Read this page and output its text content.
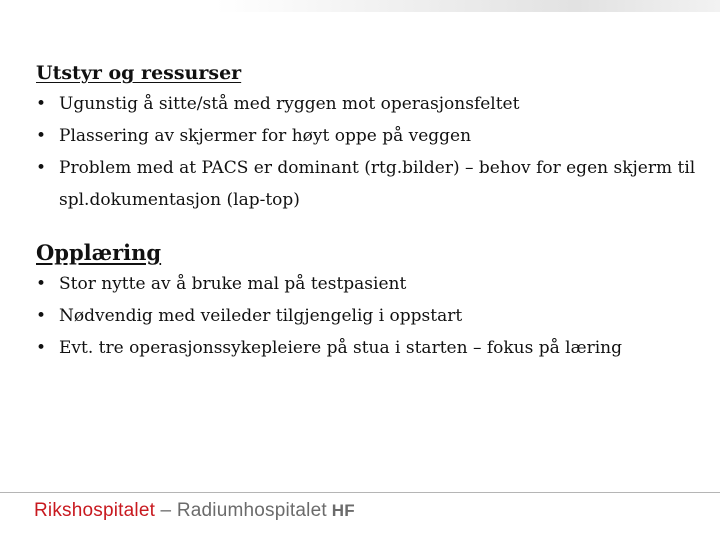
Utstyr og ressurser
• Ugunstig å sitte/stå med ryggen mot operasjonsfeltet
• Plassering av skjermer for høyt oppe på veggen
• Problem med at PACS er dominant (rtg.bilder) – behov for egen skjerm til spl.dokumentasjon (lap-top)
Opplæring
• Stor nytte av å bruke mal på testpasient
• Nødvendig med veileder tilgjengelig i oppstart
• Evt. tre operasjonssykepleiere på stua i starten – fokus på læring
Rikshospitalet – Radiumhospitalet HF
